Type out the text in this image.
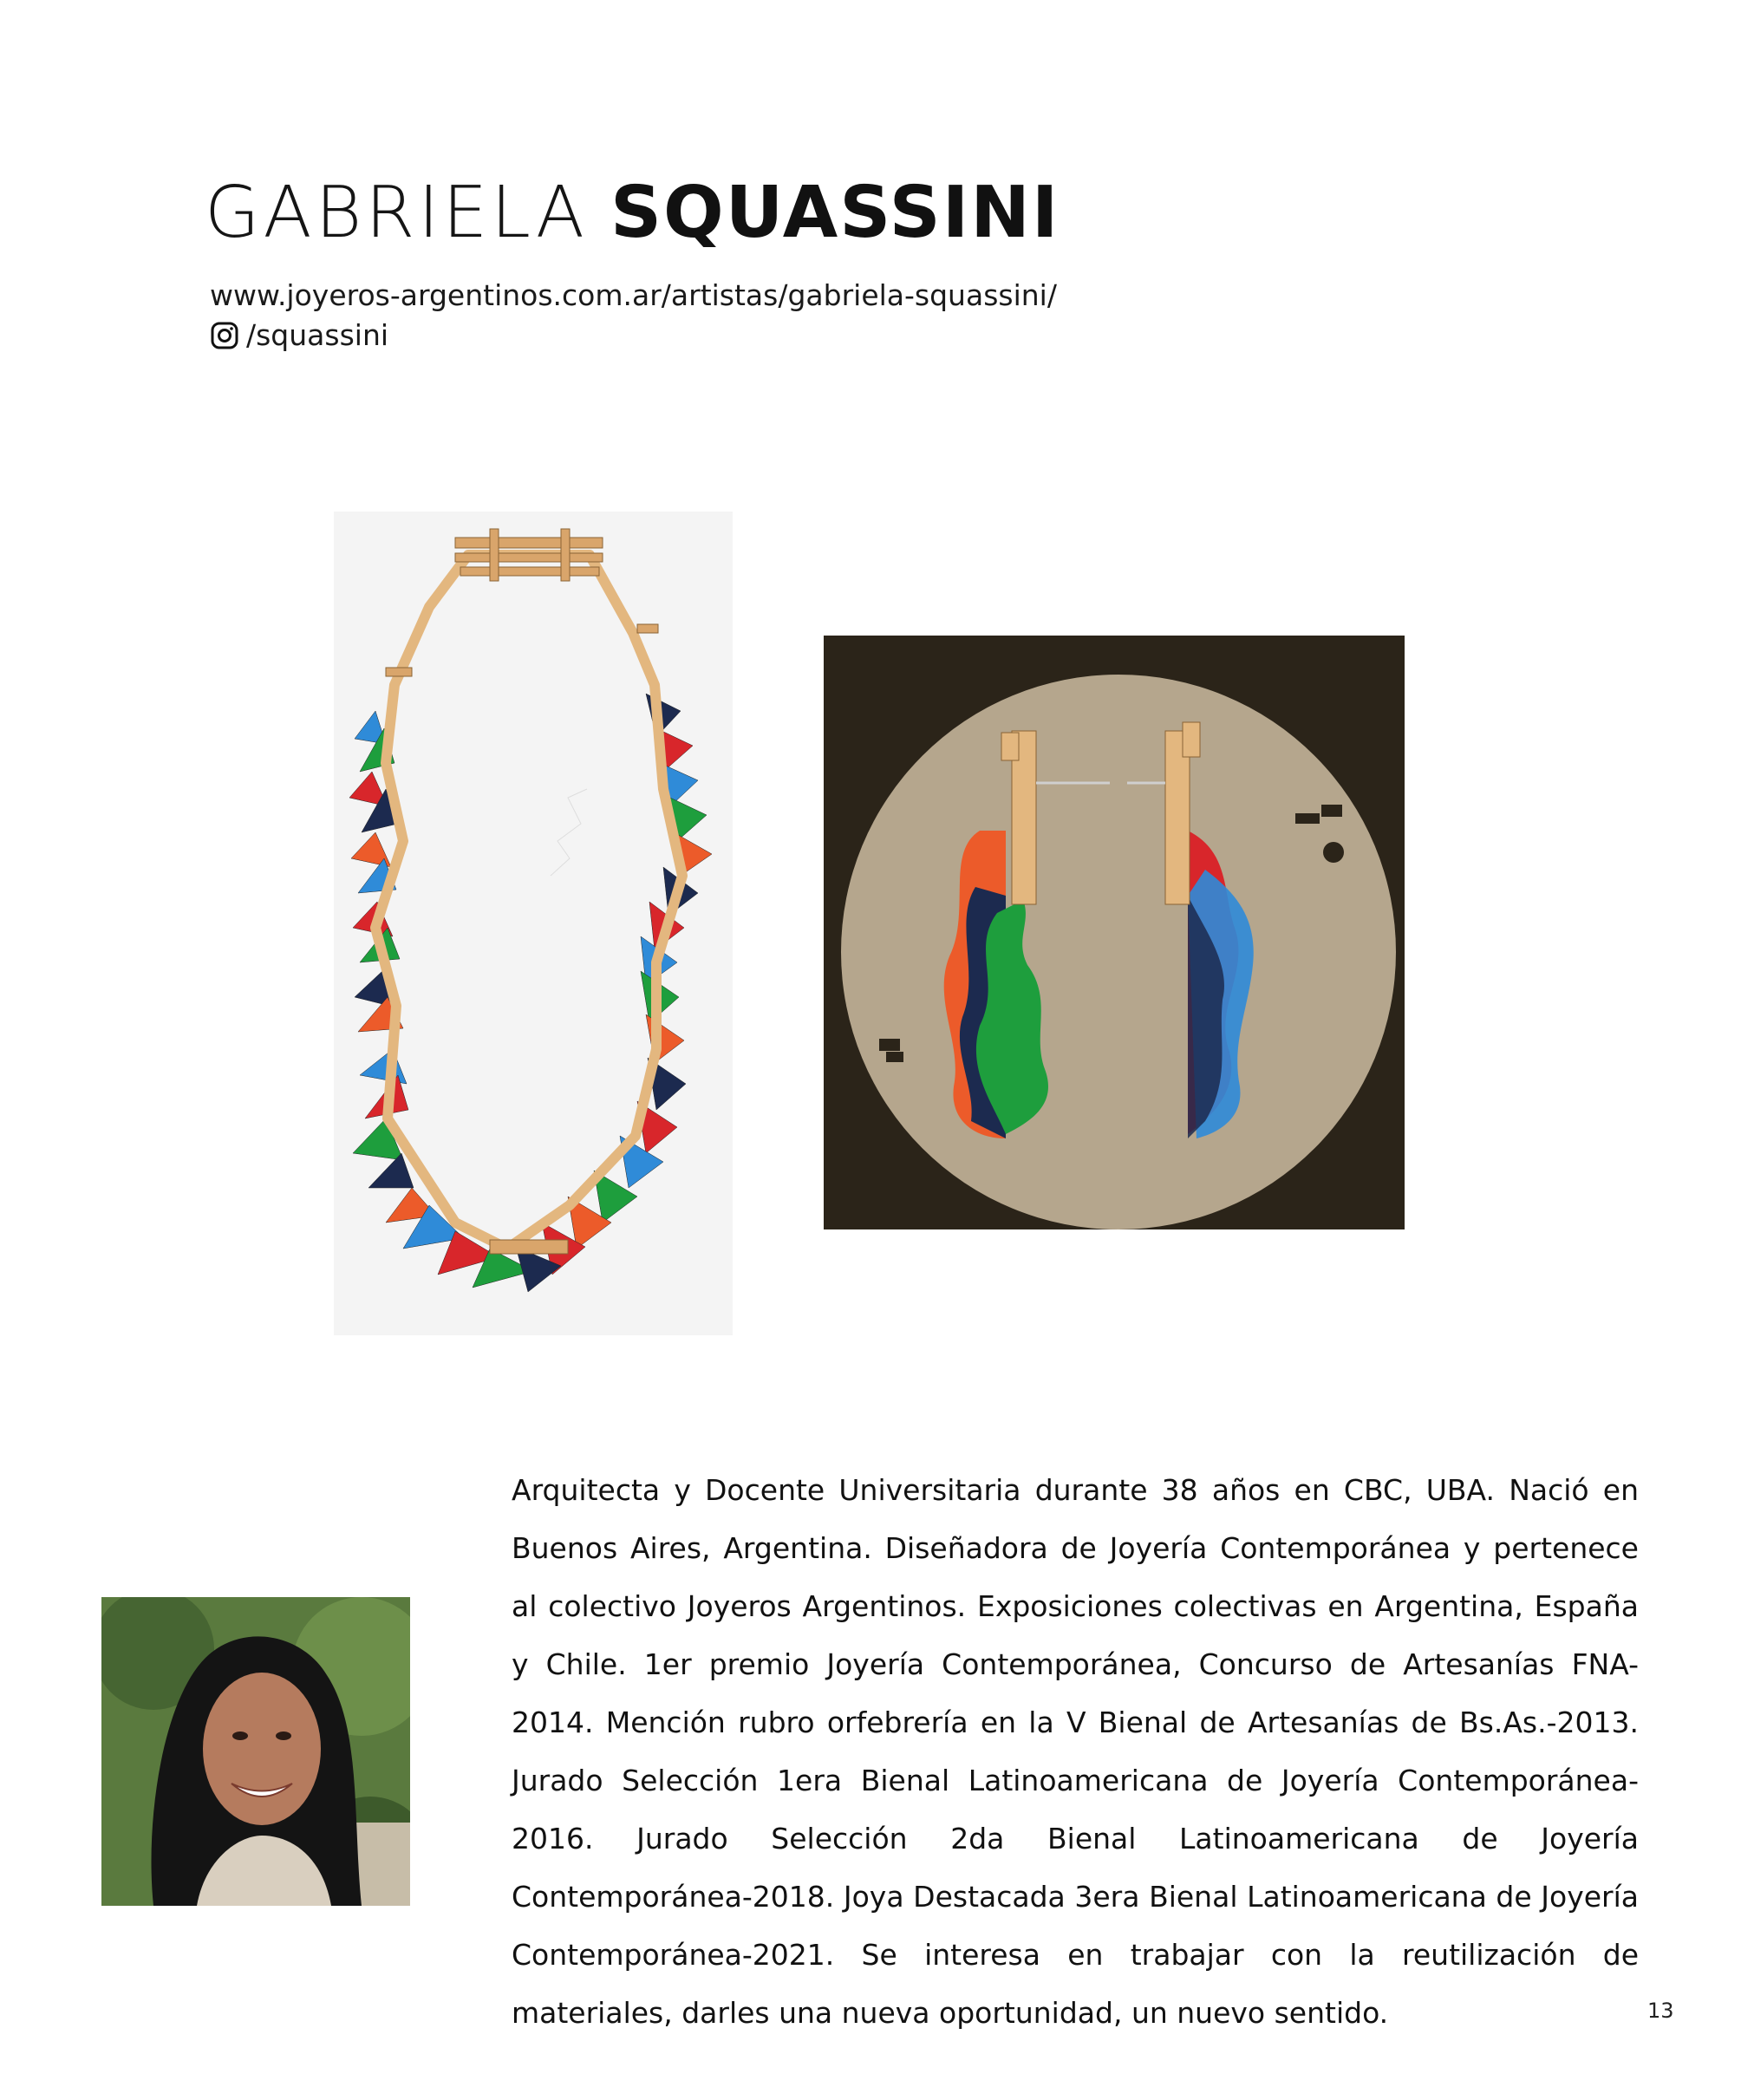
GABRIELA SQUASSINI
www.joyeros-argentinos.com.ar/artistas/gabriela-squassini/
/squassini
Arquitecta y Docente Universitaria durante 38 años en CBC, UBA. Nació en Buenos Aires, Argentina. Diseñadora de Joyería Contemporánea y pertenece al colectivo Joyeros Argentinos. Exposiciones colectivas en Argentina, España y Chile. 1er premio Joyería Contemporánea, Concurso de Artesanías FNA-2014. Mención rubro orfebrería en la V Bienal de Artesanías de Bs.As.-2013. Jurado Selección 1era Bienal Latinoamericana de Joyería Contemporánea-2016. Jurado Selección 2da Bienal Latinoamericana de Joyería Contemporánea-2018. Joya Destacada 3era Bienal Latinoamericana de Joyería Contemporánea-2021. Se interesa en trabajar con la reutilización de materiales, darles una nueva oportunidad, un nuevo sentido.	13
